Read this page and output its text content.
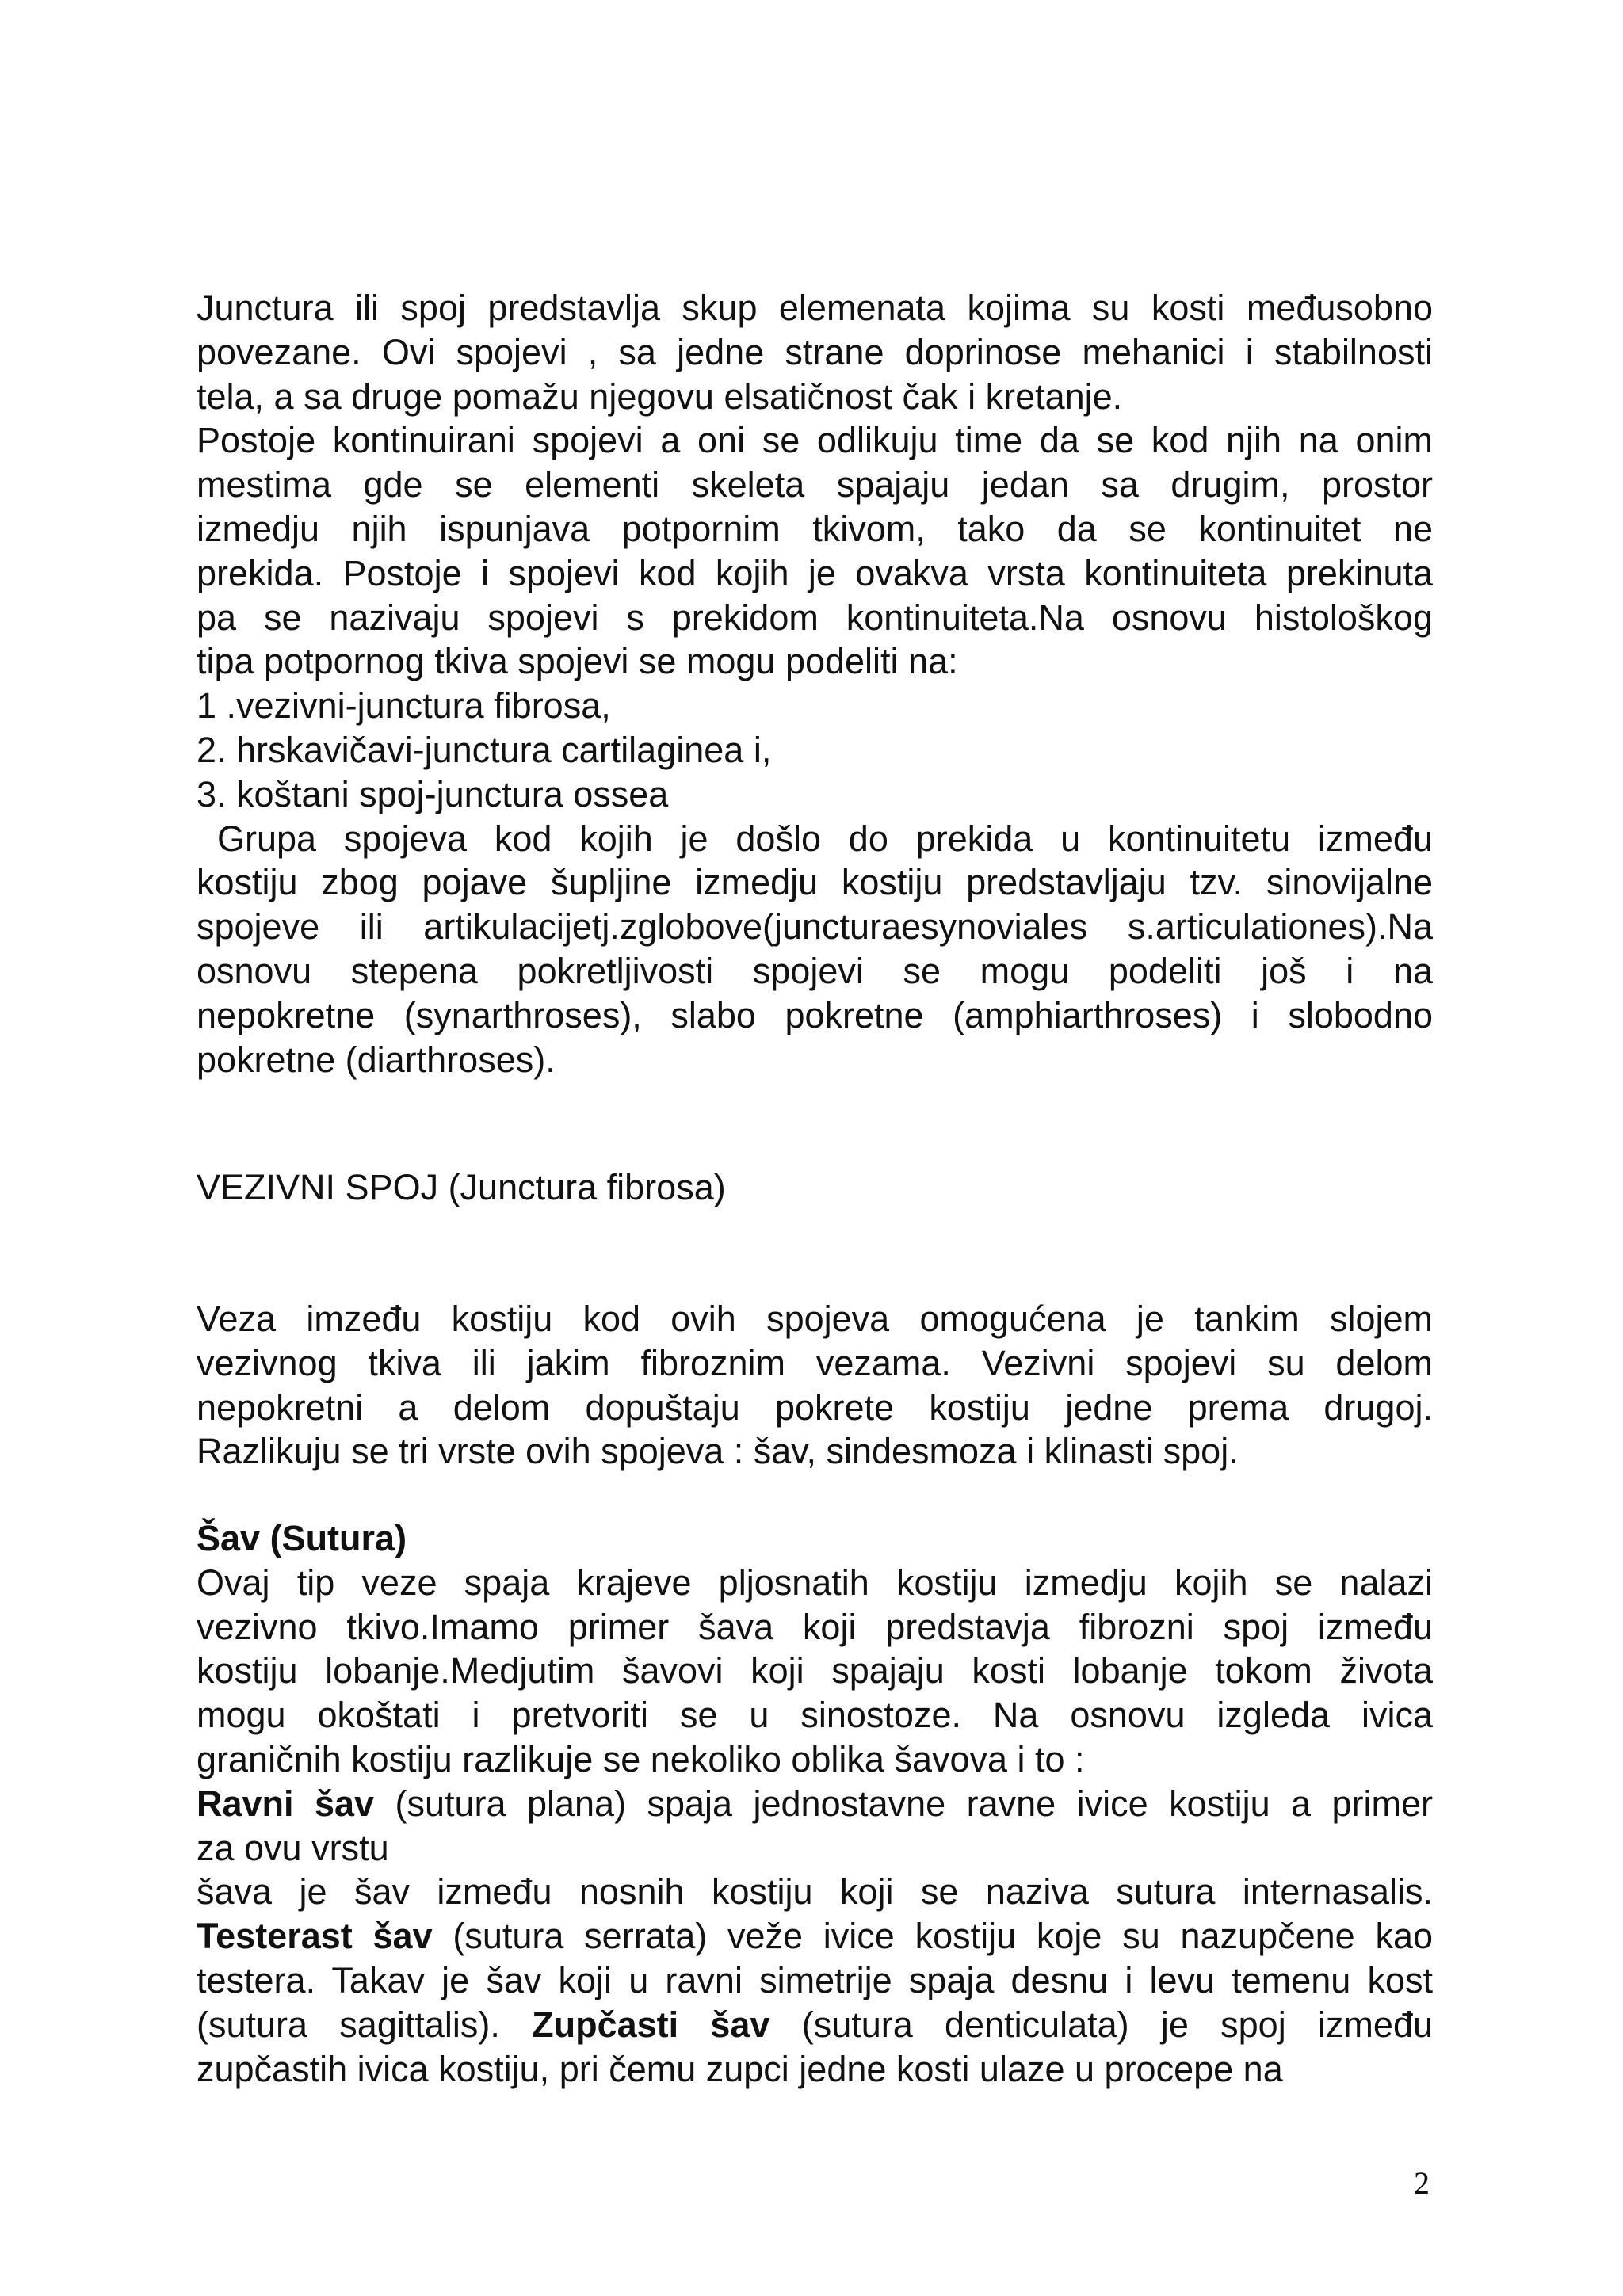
Junctura ili spoj predstavlja skup elemenata kojima su kosti međusobno
povezane. Ovi spojevi , sa jedne strane doprinose mehanici i stabilnosti
tela, a sa druge pomažu njegovu elsatičnost čak i kretanje.
Postoje kontinuirani spojevi a oni se odlikuju time da se kod njih na onim
mestima gde se elementi skeleta spajaju jedan sa drugim, prostor
izmedju njih ispunjava potpornim tkivom, tako da se kontinuitet ne
prekida. Postoje i spojevi kod kojih je ovakva vrsta kontinuiteta prekinuta
pa se nazivaju spojevi s prekidom kontinuiteta.Na osnovu histološkog
tipa potpornog tkiva spojevi se mogu podeliti na:
1 .vezivni-junctura fibrosa,
2. hrskavičavi-junctura cartilaginea i,
3. koštani spoj-junctura ossea
Grupa spojeva kod kojih je došlo do prekida u kontinuitetu između
kostiju zbog pojave šupljine izmedju kostiju predstavljaju tzv. sinovijalne
spojeve ili artikulacijetj.zglobove(juncturaesynoviales s.articulationes).Na
osnovu stepena pokretljivosti spojevi se mogu podeliti još i na
nepokretne (synarthroses), slabo pokretne (amphiarthroses) i slobodno
pokretne (diarthroses).
VEZIVNI SPOJ (Junctura fibrosa)
Veza imzeđu kostiju kod ovih spojeva omogućena je tankim slojem
vezivnog tkiva ili jakim fibroznim vezama. Vezivni spojevi su delom
nepokretni a delom dopuštaju pokrete kostiju jedne prema drugoj.
Razlikuju se tri vrste ovih spojeva : šav, sindesmoza i klinasti spoj.
Šav (Sutura)
Ovaj tip veze spaja krajeve pljosnatih kostiju izmedju kojih se nalazi
vezivno tkivo.Imamo primer šava koji predstavja fibrozni spoj između
kostiju lobanje.Medjutim šavovi koji spajaju kosti lobanje tokom života
mogu okoštati i pretvoriti se u sinostoze. Na osnovu izgleda ivica
graničnih kostiju razlikuje se nekoliko oblika šavova i to :
Ravni šav (sutura plana) spaja jednostavne ravne ivice kostiju a primer
za ovu vrstu
šava je šav između nosnih kostiju koji se naziva sutura internasalis.
Testerast šav (sutura serrata) veže ivice kostiju koje su nazupčene kao
testera. Takav je šav koji u ravni simetrije spaja desnu i levu temenu kost
(sutura sagittalis). Zupčasti šav (sutura denticulata) je spoj između
zupčastih ivica kostiju, pri čemu zupci jedne kosti ulaze u procepe na
2
